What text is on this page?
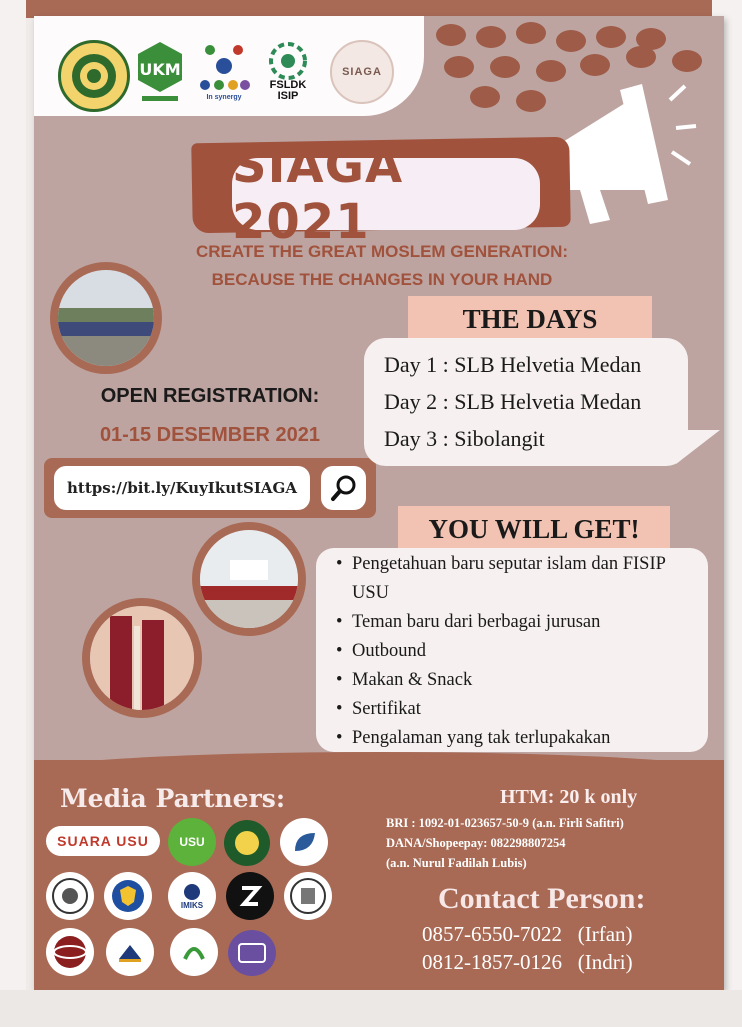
UKM
In synergy
FSLDK
ISIP
SIAGA
SIAGA 2021
CREATE THE GREAT MOSLEM GENERATION:
BECAUSE THE CHANGES IN YOUR HAND
OPEN REGISTRATION:
01-15 DESEMBER 2021
https://bit.ly/KuyIkutSIAGA
THE DAYS
Day 1 : SLB Helvetia Medan
Day 2 : SLB Helvetia Medan
Day 3 : Sibolangit
YOU WILL GET!
• Pengetahuan baru seputar islam dan FISIP USU
• Teman baru dari berbagai jurusan
• Outbound
• Makan & Snack
• Sertifikat
• Pengalaman yang tak terlupakakan
Media Partners:
SUARA USU	USU
IMIKS
HTM: 20 k only
BRI : 1092-01-023657-50-9 (a.n. Firli Safitri)
DANA/Shopeepay: 082298807254
(a.n. Nurul Fadilah Lubis)
Contact Person:
0857-6550-7022 (Irfan)
0812-1857-0126 (Indri)
